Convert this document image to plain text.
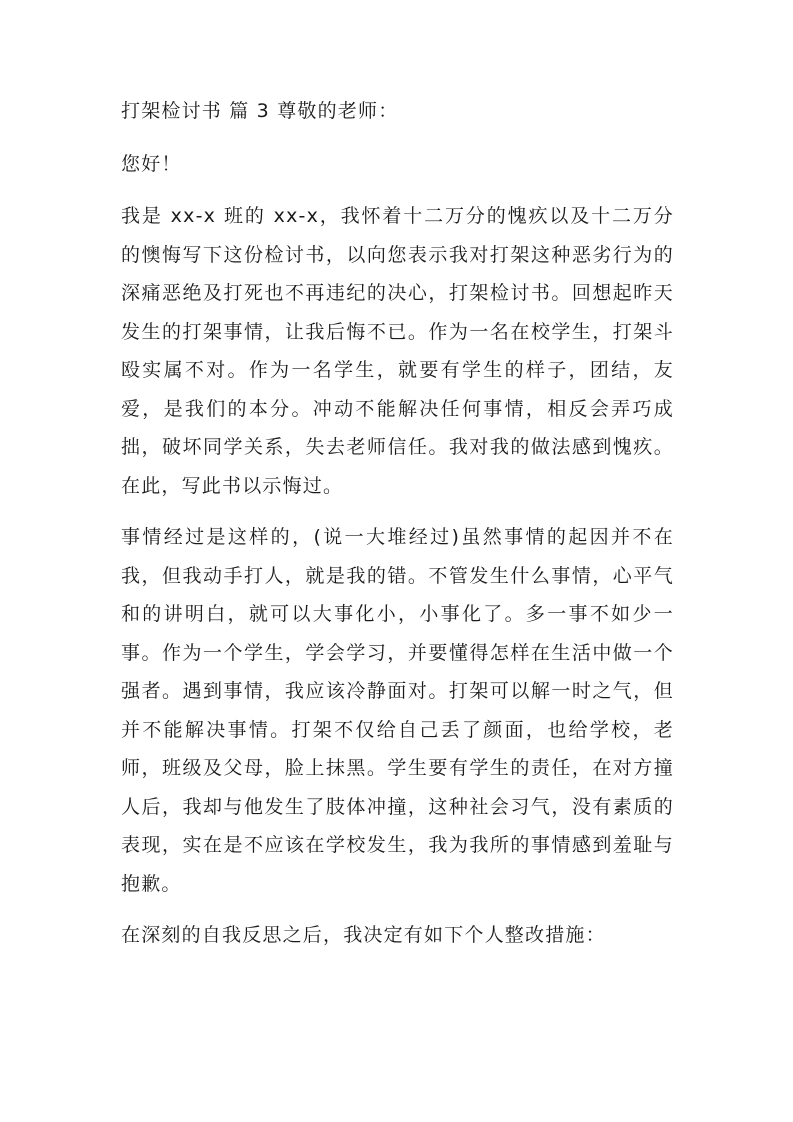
打架检讨书 篇 3 尊敬的老师：

您好！

我是 xx-x 班的 xx-x，我怀着十二万分的愧疚以及十二万分的懊悔写下这份检讨书，以向您表示我对打架这种恶劣行为的深痛恶绝及打死也不再违纪的决心，打架检讨书。回想起昨天发生的打架事情，让我后悔不已。作为一名在校学生，打架斗殴实属不对。作为一名学生，就要有学生的样子，团结，友爱，是我们的本分。冲动不能解决任何事情，相反会弄巧成拙，破坏同学关系，失去老师信任。我对我的做法感到愧疚。在此，写此书以示悔过。

事情经过是这样的，(说一大堆经过)虽然事情的起因并不在我，但我动手打人，就是我的错。不管发生什么事情，心平气和的讲明白，就可以大事化小，小事化了。多一事不如少一事。作为一个学生，学会学习，并要懂得怎样在生活中做一个强者。遇到事情，我应该冷静面对。打架可以解一时之气，但并不能解决事情。打架不仅给自己丢了颜面，也给学校，老师，班级及父母，脸上抹黑。学生要有学生的责任，在对方撞人后，我却与他发生了肢体冲撞，这种社会习气，没有素质的表现，实在是不应该在学校发生，我为我所的事情感到羞耻与抱歉。

在深刻的自我反思之后，我决定有如下个人整改措施：
